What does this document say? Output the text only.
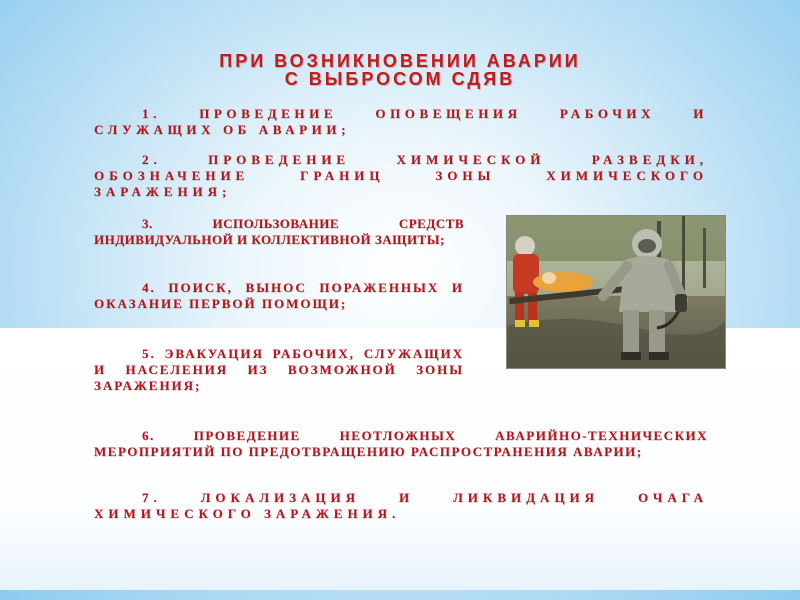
ПРИ ВОЗНИКНОВЕНИИ АВАРИИ
С ВЫБРОСОМ СДЯВ

1. ПРОВЕДЕНИЕ ОПОВЕЩЕНИЯ РАБОЧИХ И СЛУЖАЩИХ ОБ АВАРИИ;

2. ПРОВЕДЕНИЕ ХИМИЧЕСКОЙ РАЗВЕДКИ, ОБОЗНАЧЕНИЕ ГРАНИЦ ЗОНЫ ХИМИЧЕСКОГО ЗАРАЖЕНИЯ;

3. ИСПОЛЬЗОВАНИЕ СРЕДСТВ ИНДИВИДУАЛЬНОЙ И КОЛЛЕКТИВНОЙ ЗАЩИТЫ;

4. ПОИСК, ВЫНОС ПОРАЖЕННЫХ И ОКАЗАНИЕ ПЕРВОЙ ПОМОЩИ;

5. ЭВАКУАЦИЯ РАБОЧИХ, СЛУЖАЩИХ И НАСЕЛЕНИЯ ИЗ ВОЗМОЖНОЙ ЗОНЫ ЗАРАЖЕНИЯ;

6. ПРОВЕДЕНИЕ НЕОТЛОЖНЫХ АВАРИЙНО-ТЕХНИЧЕСКИХ МЕРОПРИЯТИЙ ПО ПРЕДОТВРАЩЕНИЮ РАСПРОСТРАНЕНИЯ АВАРИИ;

7. ЛОКАЛИЗАЦИЯ И ЛИКВИДАЦИЯ ОЧАГА ХИМИЧЕСКОГО ЗАРАЖЕНИЯ.
